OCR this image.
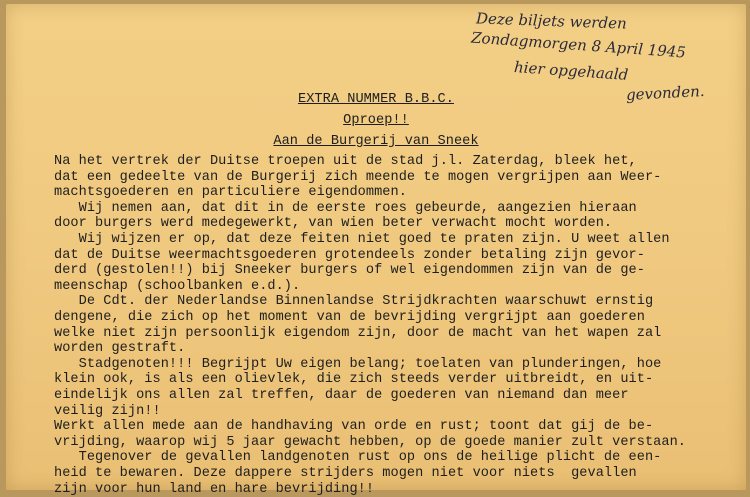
Deze biljets werden
Zondagmorgen 8 April 1945
hier opgehaald
gevonden.
EXTRA NUMMER B.B.C.
Oproep!!
Aan de Burgerij van Sneek
Na het vertrek der Duitse troepen uit de stad j.l. Zaterdag, bleek het,
dat een gedeelte van de Burgerij zich meende te mogen vergrijpen aan Weer-
machtsgoederen en particuliere eigendommen.
Wij nemen aan, dat dit in de eerste roes gebeurde, aangezien hieraan
door burgers werd medegewerkt, van wien beter verwacht mocht worden.
Wij wijzen er op, dat deze feiten niet goed te praten zijn. U weet allen
dat de Duitse weermachtsgoederen grotendeels zonder betaling zijn gevor-
derd (gestolen!!) bij Sneeker burgers of wel eigendommen zijn van de ge-
meenschap (schoolbanken e.d.).
De Cdt. der Nederlandse Binnenlandse Strijdkrachten waarschuwt ernstig
dengene, die zich op het moment van de bevrijding vergrijpt aan goederen
welke niet zijn persoonlijk eigendom zijn, door de macht van het wapen zal
worden gestraft.
Stadgenoten!!! Begrijpt Uw eigen belang; toelaten van plunderingen, hoe
klein ook, is als een olievlek, die zich steeds verder uitbreidt, en uit-
eindelijk ons allen zal treffen, daar de goederen van niemand dan meer
veilig zijn!!
Werkt allen mede aan de handhaving van orde en rust; toont dat gij de be-
vrijding, waarop wij 5 jaar gewacht hebben, op de goede manier zult verstaan.
Tegenover de gevallen landgenoten rust op ons de heilige plicht de een-
heid te bewaren. Deze dappere strijders mogen niet voor niets  gevallen
zijn voor hun land en hare bevrijding!!
